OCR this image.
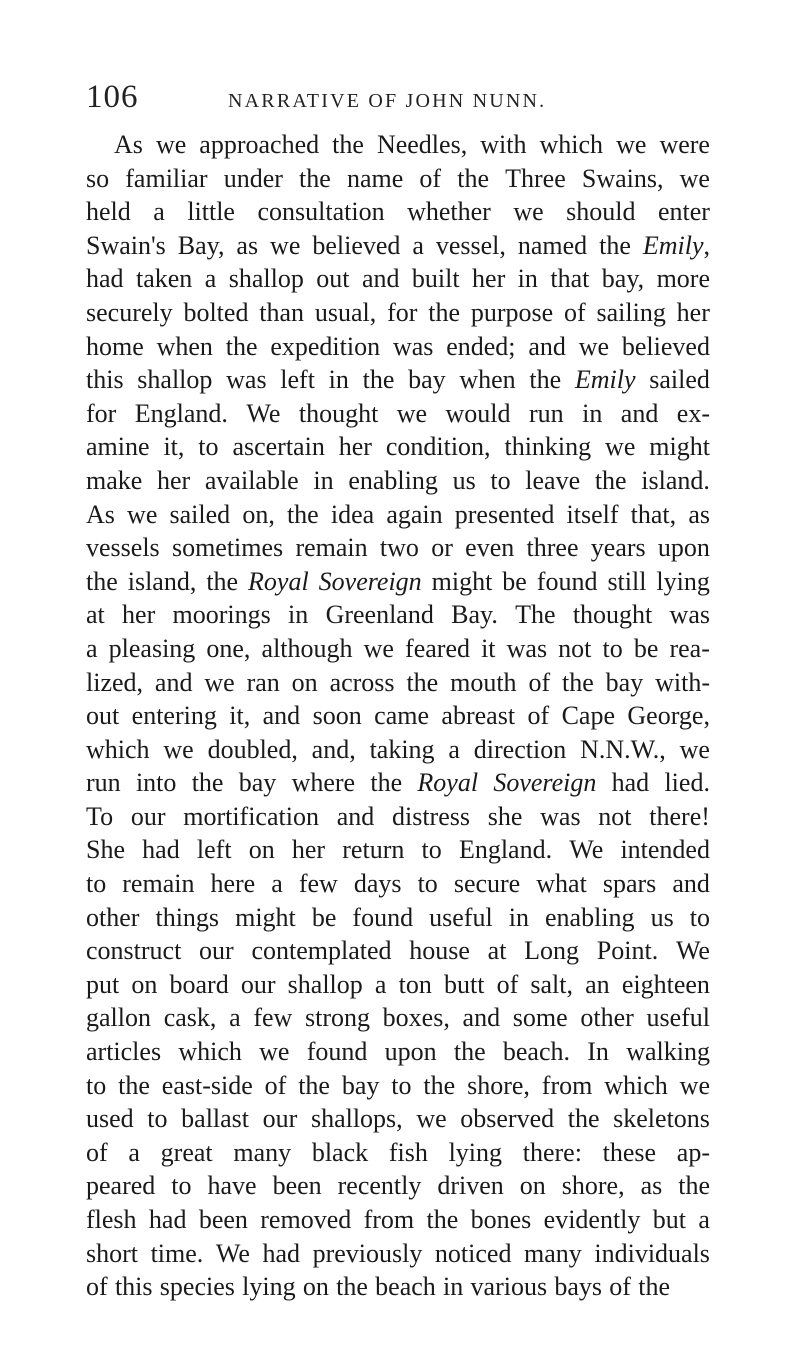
106	NARRATIVE OF JOHN NUNN.
As we approached the Needles, with which we were
so familiar under the name of the Three Swains, we
held a little consultation whether we should enter
Swain's Bay, as we believed a vessel, named the Emily,
had taken a shallop out and built her in that bay, more
securely bolted than usual, for the purpose of sailing her
home when the expedition was ended; and we believed
this shallop was left in the bay when the Emily sailed
for England. We thought we would run in and ex-
amine it, to ascertain her condition, thinking we might
make her available in enabling us to leave the island.
As we sailed on, the idea again presented itself that, as
vessels sometimes remain two or even three years upon
the island, the Royal Sovereign might be found still lying
at her moorings in Greenland Bay. The thought was
a pleasing one, although we feared it was not to be rea-
lized, and we ran on across the mouth of the bay with-
out entering it, and soon came abreast of Cape George,
which we doubled, and, taking a direction N.N.W., we
run into the bay where the Royal Sovereign had lied.
To our mortification and distress she was not there!
She had left on her return to England. We intended
to remain here a few days to secure what spars and
other things might be found useful in enabling us to
construct our contemplated house at Long Point. We
put on board our shallop a ton butt of salt, an eighteen
gallon cask, a few strong boxes, and some other useful
articles which we found upon the beach. In walking
to the east-side of the bay to the shore, from which we
used to ballast our shallops, we observed the skeletons
of a great many black fish lying there: these ap-
peared to have been recently driven on shore, as the
flesh had been removed from the bones evidently but a
short time. We had previously noticed many individuals
of this species lying on the beach in various bays of the
